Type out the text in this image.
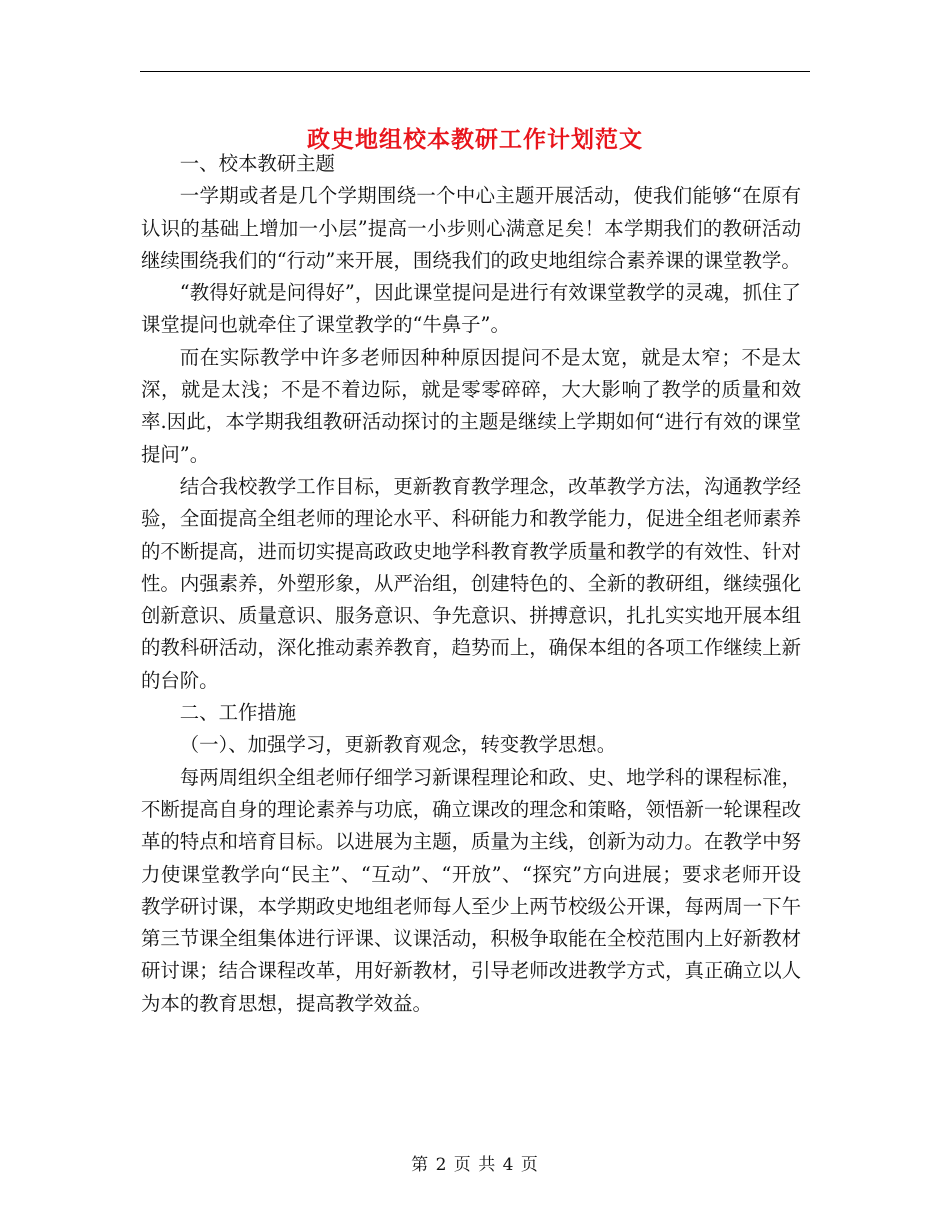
政史地组校本教研工作计划范文

一、校本教研主题

一学期或者是几个学期围绕一个中心主题开展活动，使我们能够“在原有认识的基础上增加一小层”提高一小步则心满意足矣！本学期我们的教研活动继续围绕我们的“行动”来开展，围绕我们的政史地组综合素养课的课堂教学。

“教得好就是问得好”，因此课堂提问是进行有效课堂教学的灵魂，抓住了课堂提问也就牵住了课堂教学的“牛鼻子”。

而在实际教学中许多老师因种种原因提问不是太宽，就是太窄；不是太深，就是太浅；不是不着边际，就是零零碎碎，大大影响了教学的质量和效率.因此，本学期我组教研活动探讨的主题是继续上学期如何“进行有效的课堂提问”。

结合我校教学工作目标，更新教育教学理念，改革教学方法，沟通教学经验，全面提高全组老师的理论水平、科研能力和教学能力，促进全组老师素养的不断提高，进而切实提高政政史地学科教育教学质量和教学的有效性、针对性。内强素养，外塑形象，从严治组，创建特色的、全新的教研组，继续强化创新意识、质量意识、服务意识、争先意识、拼搏意识，扎扎实实地开展本组的教科研活动，深化推动素养教育，趋势而上，确保本组的各项工作继续上新的台阶。

二、工作措施

（一）、加强学习，更新教育观念，转变教学思想。

每两周组织全组老师仔细学习新课程理论和政、史、地学科的课程标准，不断提高自身的理论素养与功底，确立课改的理念和策略，领悟新一轮课程改革的特点和培育目标。以进展为主题，质量为主线，创新为动力。在教学中努力使课堂教学向“民主”、“互动”、“开放”、“探究”方向进展；要求老师开设教学研讨课，本学期政史地组老师每人至少上两节校级公开课，每两周一下午第三节课全组集体进行评课、议课活动，积极争取能在全校范围内上好新教材研讨课；结合课程改革，用好新教材，引导老师改进教学方式，真正确立以人为本的教育思想，提高教学效益。

第 2 页 共 4 页
